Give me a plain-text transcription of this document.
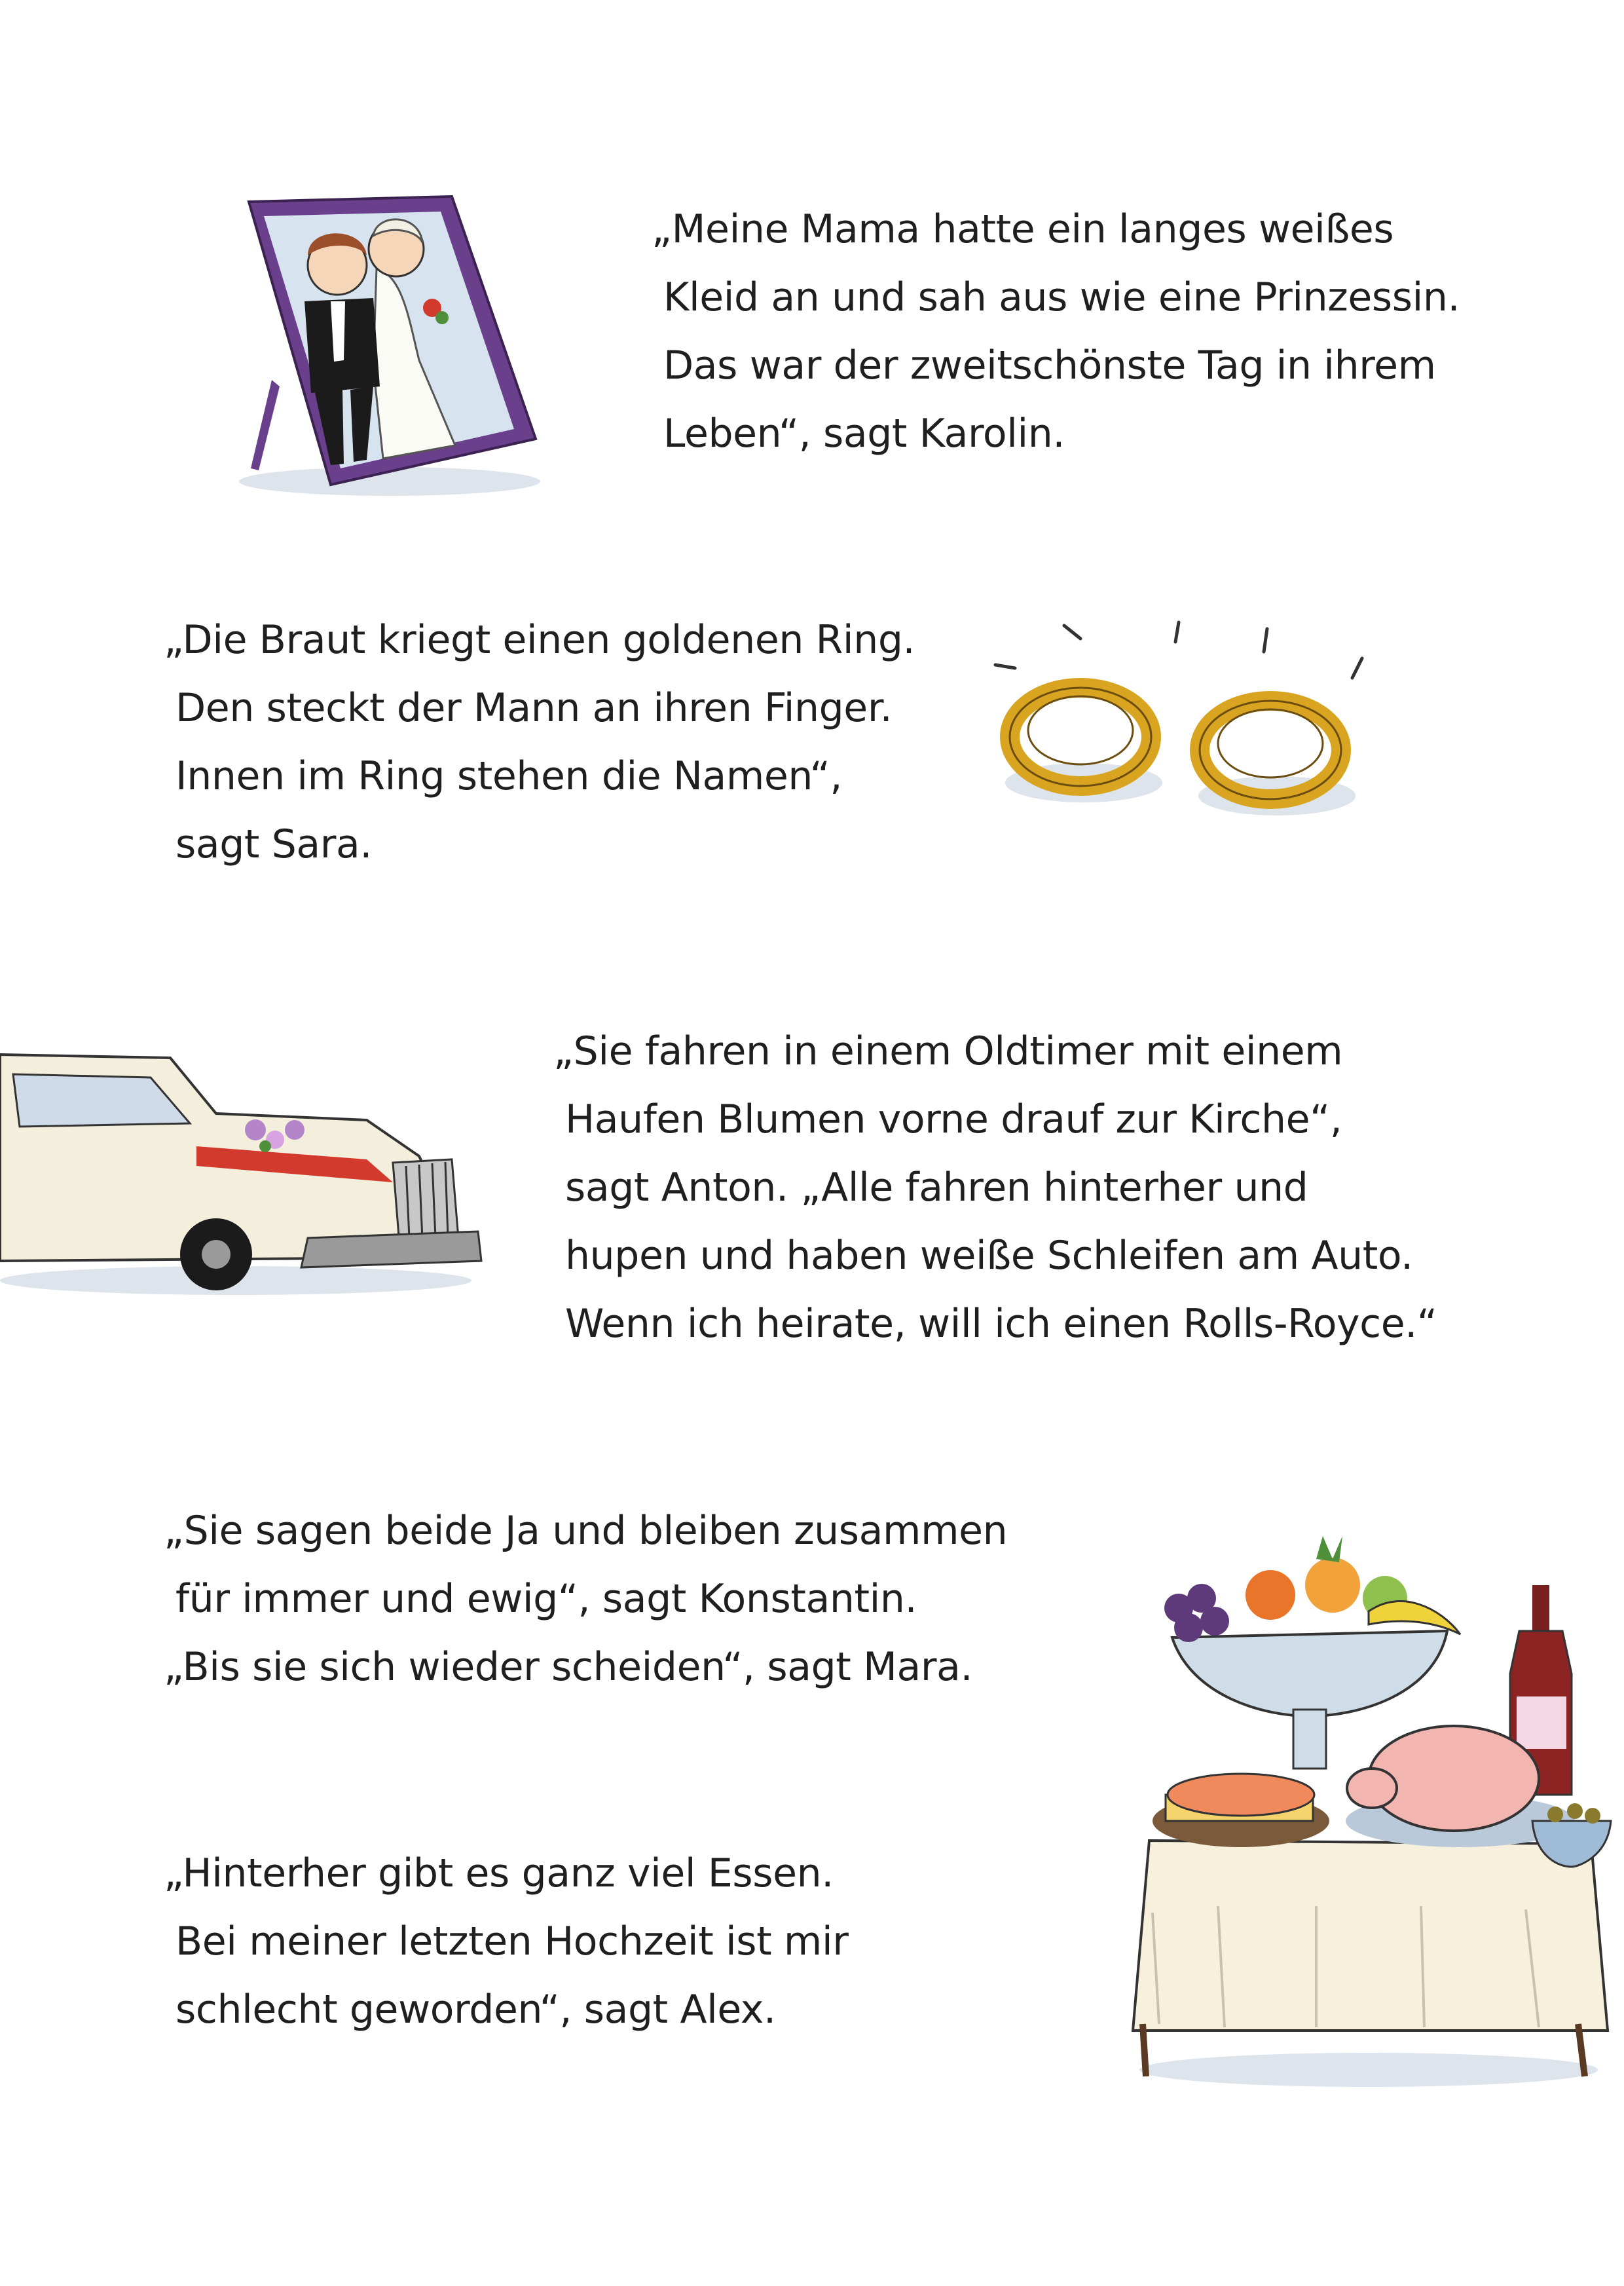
„Meine Mama hatte ein langes weißes
Kleid an und sah aus wie eine Prinzessin.
Das war der zweitschönste Tag in ihrem
Leben“, sagt Karolin.

„Die Braut kriegt einen goldenen Ring.
Den steckt der Mann an ihren Finger.
Innen im Ring stehen die Namen“,
sagt Sara.

„Sie fahren in einem Oldtimer mit einem
Haufen Blumen vorne drauf zur Kirche“,
sagt Anton. „Alle fahren hinterher und
hupen und haben weiße Schleifen am Auto.
Wenn ich heirate, will ich einen Rolls-Royce.“

„Sie sagen beide Ja und bleiben zusammen
für immer und ewig“, sagt Konstantin.
„Bis sie sich wieder scheiden“, sagt Mara.

„Hinterher gibt es ganz viel Essen.
Bei meiner letzten Hochzeit ist mir
schlecht geworden“, sagt Alex.
